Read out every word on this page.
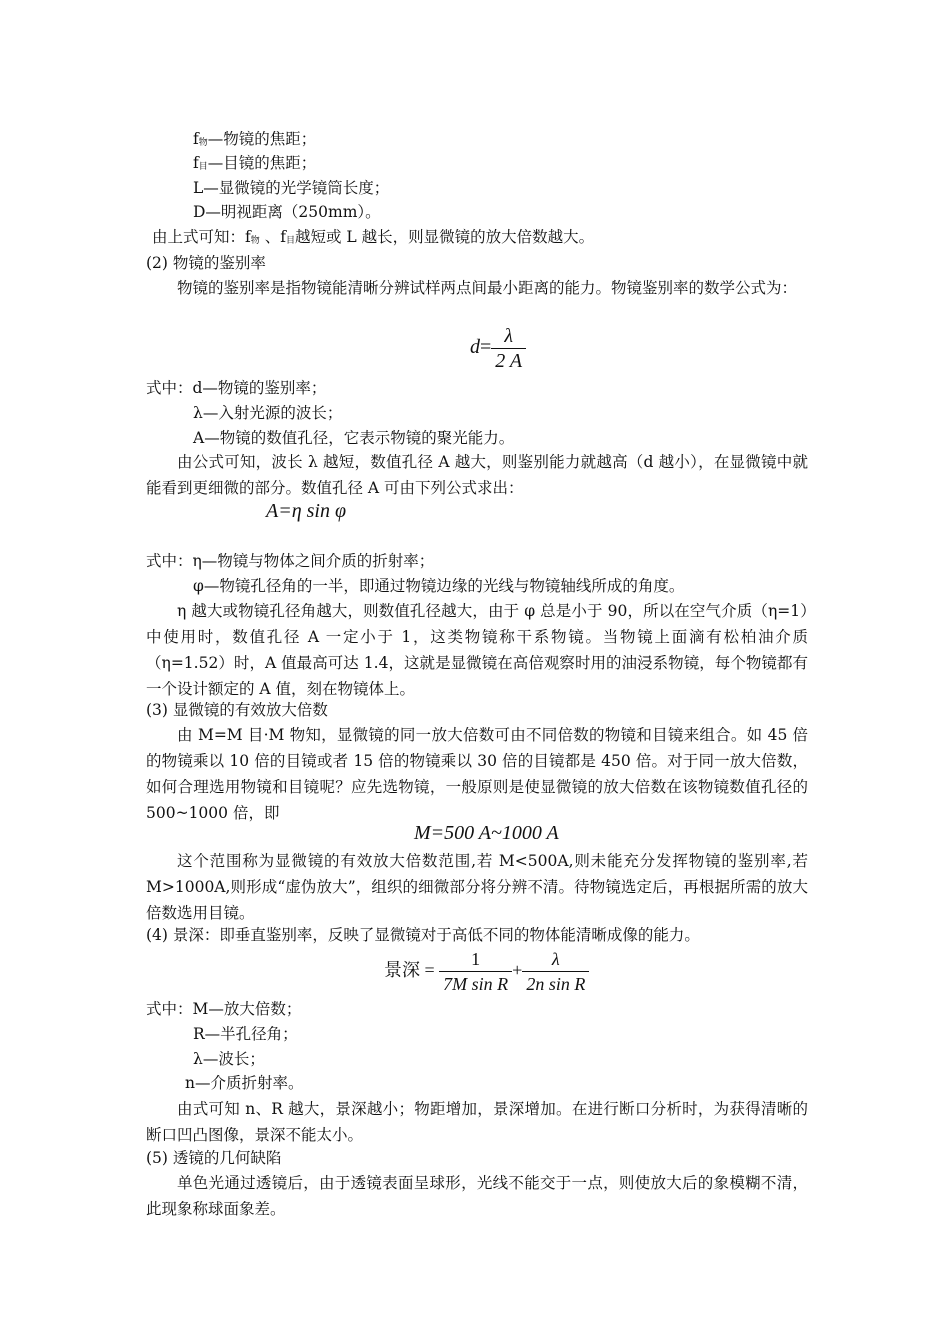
f物—物镜的焦距；
f目—目镜的焦距；
L—显微镜的光学镜筒长度；
D—明视距离（250mm）。
由上式可知：f物 、f目越短或 L 越长，则显微镜的放大倍数越大。
(2) 物镜的鉴别率
物镜的鉴别率是指物镜能清晰分辨试样两点间最小距离的能力。物镜鉴别率的数学公式为：
$d= \frac{\lambda}{2 A}$
式中：d—物镜的鉴别率；
λ—入射光源的波长；
A—物镜的数值孔径，它表示物镜的聚光能力。
由公式可知，波长 λ 越短，数值孔径 A 越大，则鉴别能力就越高（d 越小），在显微镜中就能看到更细微的部分。数值孔径 A 可由下列公式求出：
A=η sin φ
式中：η—物镜与物体之间介质的折射率；
φ—物镜孔径角的一半，即通过物镜边缘的光线与物镜轴线所成的角度。
η 越大或物镜孔径角越大，则数值孔径越大，由于 φ 总是小于 90，所以在空气介质（η=1）中使用时，数值孔径 A 一定小于 1，这类物镜称干系物镜。当物镜上面滴有松柏油介质（η=1.52）时，A 值最高可达 1.4，这就是显微镜在高倍观察时用的油浸系物镜，每个物镜都有一个设计额定的 A 值，刻在物镜体上。
(3) 显微镜的有效放大倍数
由 M=M 目·M 物知，显微镜的同一放大倍数可由不同倍数的物镜和目镜来组合。如 45 倍的物镜乘以 10 倍的目镜或者 15 倍的物镜乘以 30 倍的目镜都是 450 倍。对于同一放大倍数，如何合理选用物镜和目镜呢？应先选物镜，一般原则是使显微镜的放大倍数在该物镜数值孔径的 500~1000 倍，即
M=500 A~1000 A
这个范围称为显微镜的有效放大倍数范围,若 M<500A,则未能充分发挥物镜的鉴别率,若 M>1000A,则形成“虚伪放大”，组织的细微部分将分辨不清。待物镜选定后，再根据所需的放大倍数选用目镜。
(4) 景深：即垂直鉴别率，反映了显微镜对于高低不同的物体能清晰成像的能力。
景深 = $\frac{1}{\text{7M sin R}} + \frac{\lambda}{\text{2n sin R}}$
式中：M—放大倍数；
R—半孔径角；
λ—波长；
n—介质折射率。
由式可知 n、R 越大，景深越小；物距增加，景深增加。在进行断口分析时，为获得清晰的断口凹凸图像，景深不能太小。
(5) 透镜的几何缺陷
单色光通过透镜后，由于透镜表面呈球形，光线不能交于一点，则使放大后的象模糊不清，此现象称球面象差。
